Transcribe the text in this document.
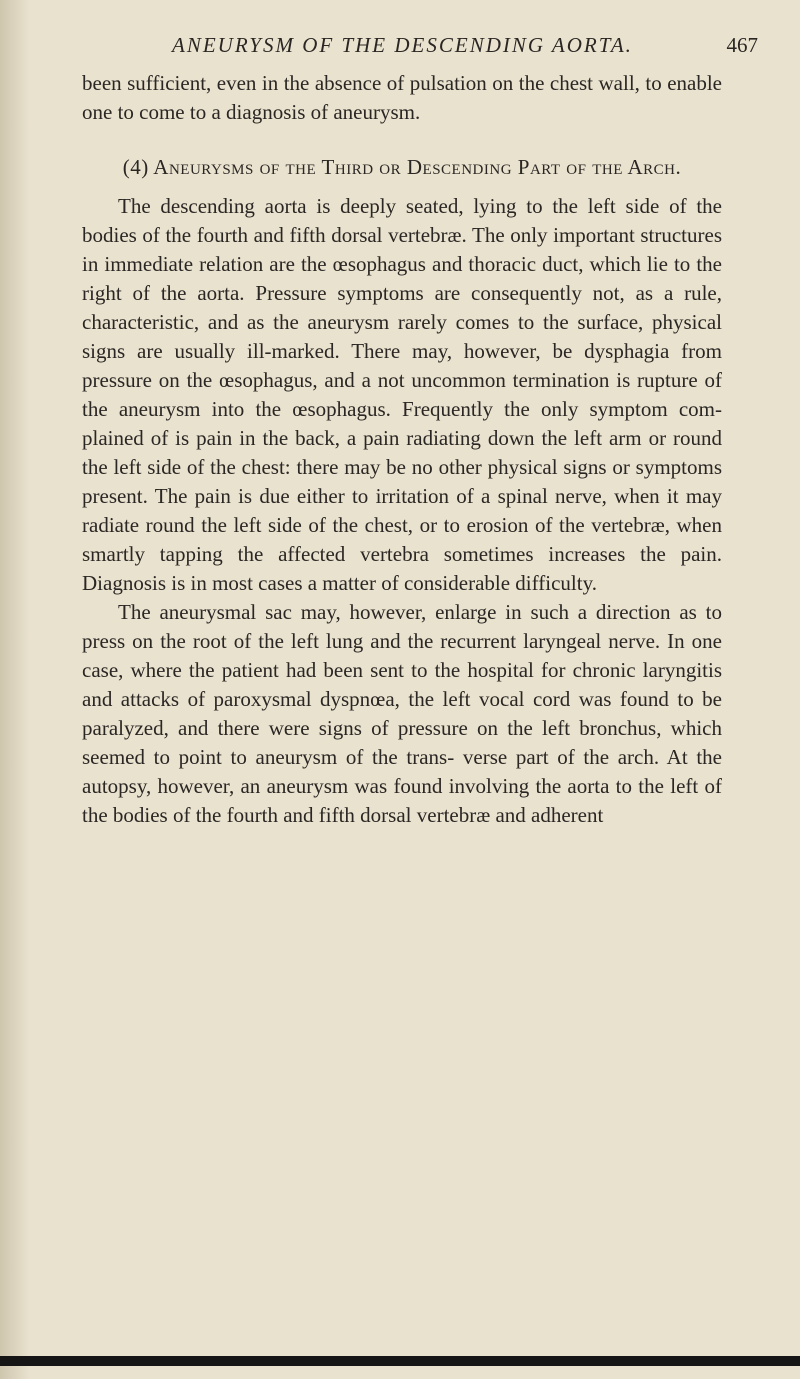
ANEURYSM OF THE DESCENDING AORTA.	467

been sufficient, even in the absence of pulsation on the chest wall, to enable one to come to a diagnosis of aneurysm.

(4) Aneurysms of the Third or Descending Part of the Arch.

The descending aorta is deeply seated, lying to the left side of the bodies of the fourth and fifth dorsal vertebræ. The only important structures in immediate relation are the œsophagus and thoracic duct, which lie to the right of the aorta. Pressure symptoms are consequently not, as a rule, characteristic, and as the aneurysm rarely comes to the surface, physical signs are usually ill-marked. There may, however, be dysphagia from pressure on the œsophagus, and a not uncommon termination is rupture of the aneurysm into the œsophagus. Frequently the only symptom com- plained of is pain in the back, a pain radiating down the left arm or round the left side of the chest: there may be no other physical signs or symptoms present. The pain is due either to irritation of a spinal nerve, when it may radiate round the left side of the chest, or to erosion of the vertebræ, when smartly tapping the affected vertebra sometimes increases the pain. Diagnosis is in most cases a matter of considerable difficulty.

The aneurysmal sac may, however, enlarge in such a direction as to press on the root of the left lung and the recurrent laryngeal nerve. In one case, where the patient had been sent to the hospital for chronic laryngitis and attacks of paroxysmal dyspnœa, the left vocal cord was found to be paralyzed, and there were signs of pressure on the left bronchus, which seemed to point to aneurysm of the trans- verse part of the arch. At the autopsy, however, an aneurysm was found involving the aorta to the left of the bodies of the fourth and fifth dorsal vertebræ and adherent
